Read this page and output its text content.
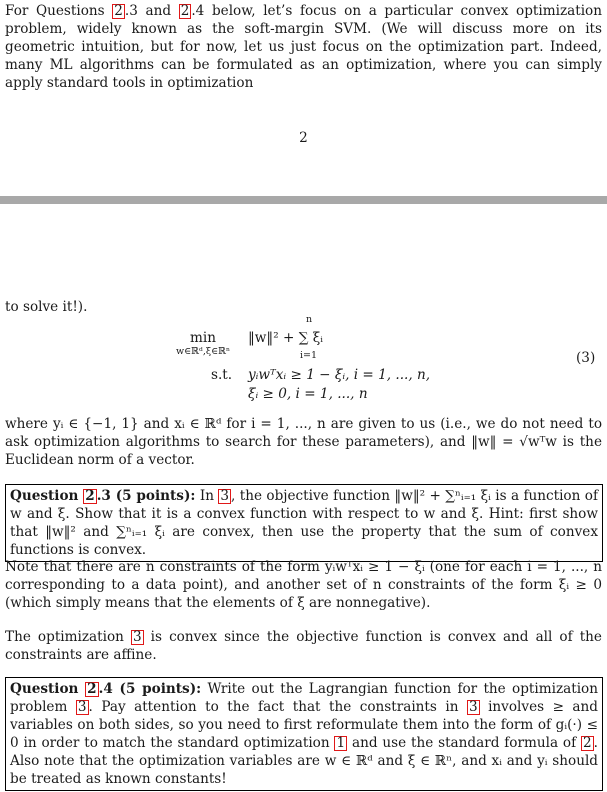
For Questions 2 .3 and 2 .4 below, let’s focus on a particular convex optimization problem, widely known as the soft-margin SVM. (We will discuss more on its geometric intuition, but for now, let us just focus on the optimization part. Indeed, many ML algorithms can be formulated as an optimization, where you can simply apply standard tools in optimization

2

to solve it!).

min
w∈ℝᵈ,ξ∈ℝⁿ
n
‖w‖² + ∑ ξᵢ
i=1	(3)
s.t. yᵢwᵀxᵢ ≥ 1 − ξᵢ, i = 1, ..., n,
ξᵢ ≥ 0, i = 1, ..., n

where yᵢ ∈ {−1, 1} and xᵢ ∈ ℝᵈ for i = 1, ..., n are given to us (i.e., we do not need to ask optimization algorithms to search for these parameters), and ‖w‖ = √wᵀw is the Euclidean norm of a vector.

Question 2 .3 (5 points): In 3 , the objective function ‖w‖² + ∑ⁿᵢ₌₁ ξᵢ is a function of w and ξ. Show that it is a convex function with respect to w and ξ. Hint: first show that ‖w‖² and ∑ⁿᵢ₌₁ ξᵢ are convex, then use the property that the sum of convex functions is convex.

Note that there are n constraints of the form yᵢwᵀxᵢ ≥ 1 − ξᵢ (one for each i = 1, ..., n corresponding to a data point), and another set of n constraints of the form ξᵢ ≥ 0 (which simply means that the elements of ξ are nonnegative).

The optimization 3 is convex since the objective function is convex and all of the constraints are affine.

Question 2 .4 (5 points): Write out the Lagrangian function for the optimization problem 3 . Pay attention to the fact that the constraints in 3 involves ≥ and variables on both sides, so you need to first reformulate them into the form of gᵢ(·) ≤ 0 in order to match the standard optimization 1 and use the standard formula of 2 . Also note that the optimization variables are w ∈ ℝᵈ and ξ ∈ ℝⁿ, and xᵢ and yᵢ should be treated as known constants!
